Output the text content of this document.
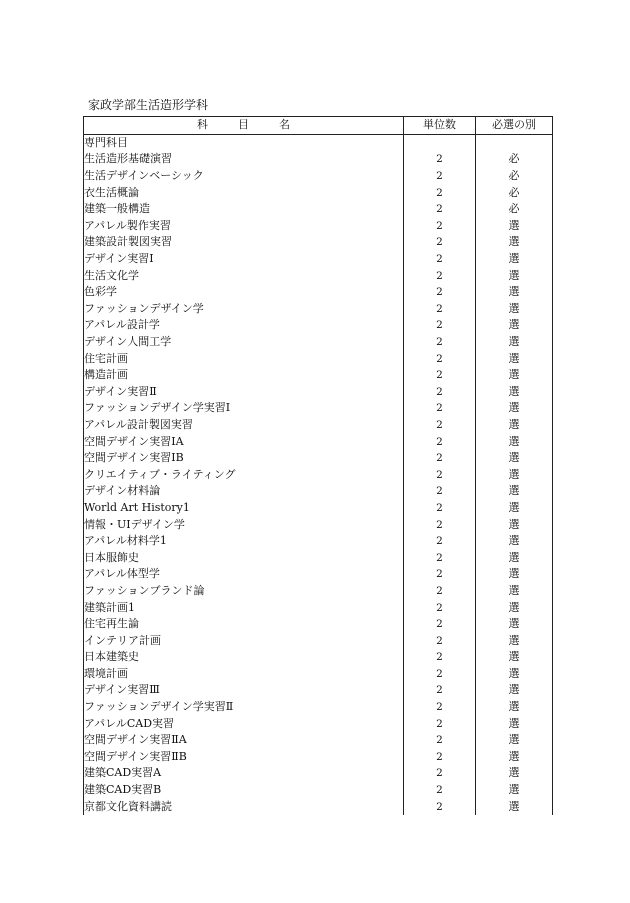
家政学部生活造形学科
科 目 名	単位数	必選の別
専門科目		
生活造形基礎演習	2	必
生活デザインベーシック	2	必
衣生活概論	2	必
建築一般構造	2	必
アパレル製作実習	2	選
建築設計製図実習	2	選
デザイン実習Ⅰ	2	選
生活文化学	2	選
色彩学	2	選
ファッションデザイン学	2	選
アパレル設計学	2	選
デザイン人間工学	2	選
住宅計画	2	選
構造計画	2	選
デザイン実習Ⅱ	2	選
ファッションデザイン学実習Ⅰ	2	選
アパレル設計製図実習	2	選
空間デザイン実習ⅠA	2	選
空間デザイン実習ⅠB	2	選
クリエイティブ・ライティング	2	選
デザイン材料論	2	選
World Art History1	2	選
情報・UIデザイン学	2	選
アパレル材料学1	2	選
日本服飾史	2	選
アパレル体型学	2	選
ファッションブランド論	2	選
建築計画1	2	選
住宅再生論	2	選
インテリア計画	2	選
日本建築史	2	選
環境計画	2	選
デザイン実習Ⅲ	2	選
ファッションデザイン学実習Ⅱ	2	選
アパレルCAD実習	2	選
空間デザイン実習ⅡA	2	選
空間デザイン実習ⅡB	2	選
建築CAD実習A	2	選
建築CAD実習B	2	選
京都文化資料講読	2	選
